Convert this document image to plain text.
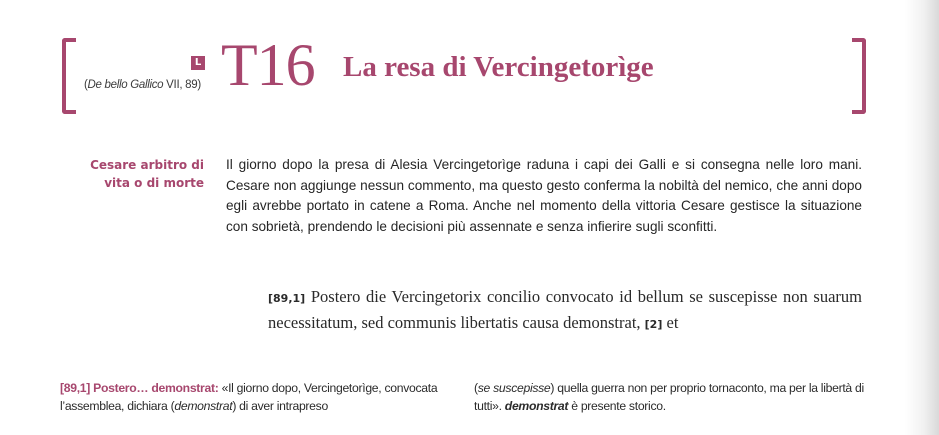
L
(De bello Gallico VII, 89) T16 La resa di Vercingetorìge
Cesare arbitro di
vita o di morte
Il giorno dopo la presa di Alesia Vercingetorìge raduna i capi dei Galli e si consegna nelle loro mani. Cesare non aggiunge nessun commento, ma questo gesto conferma la nobiltà del nemico, che anni dopo egli avrebbe portato in catene a Roma. Anche nel momento della vittoria Cesare gestisce la situazione con sobrietà, prendendo le decisioni più assennate e senza infierire sugli sconfitti.
[89,1] Postero die Vercingetorix concilio convocato id bellum se suscepisse non suarum necessitatum, sed communis libertatis causa demonstrat, [2] et
[89,1] Postero… demonstrat: «Il giorno dopo, Vercingetorìge, convocata l’assemblea, dichiara (demonstrat) di aver intrapreso
(se suscepisse) quella guerra non per proprio tornaconto, ma per la libertà di tutti». demonstrat è presente storico.
